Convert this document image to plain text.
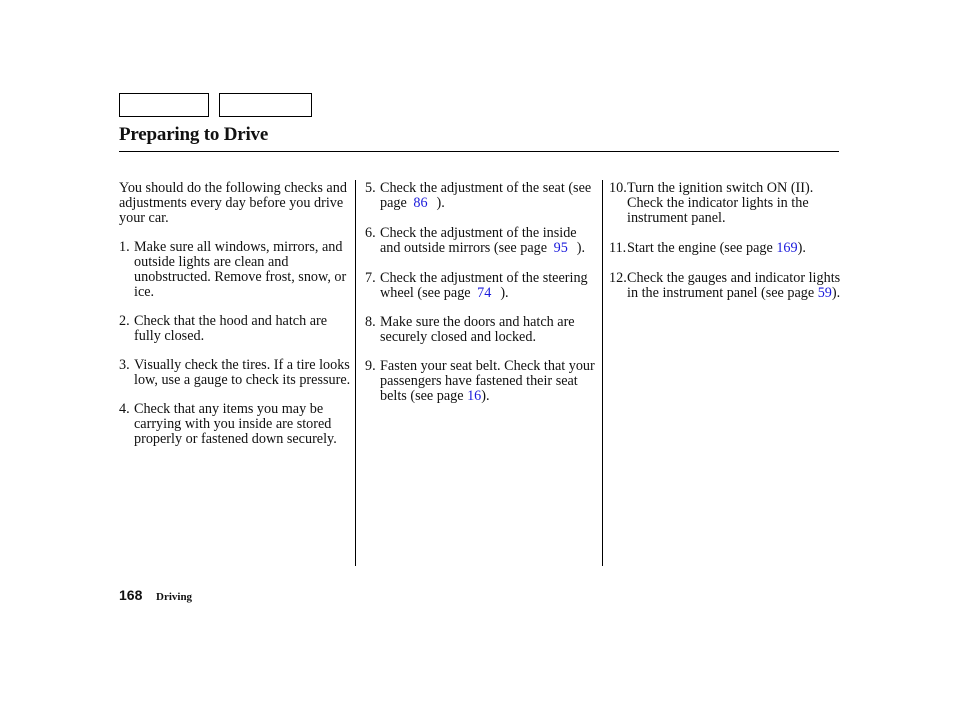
Preparing to Drive

You should do the following checks and adjustments every day before you drive your car.

1. Make sure all windows, mirrors, and outside lights are clean and unobstructed. Remove frost, snow, or ice.
2. Check that the hood and hatch are fully closed.
3. Visually check the tires. If a tire looks low, use a gauge to check its pressure.
4. Check that any items you may be carrying with you inside are stored properly or fastened down securely.
5. Check the adjustment of the seat (see page 86 ).
6. Check the adjustment of the inside and outside mirrors (see page 95 ).
7. Check the adjustment of the steering wheel (see page 74 ).
8. Make sure the doors and hatch are securely closed and locked.
9. Fasten your seat belt. Check that your passengers have fastened their seat belts (see page 16).
10. Turn the ignition switch ON (II). Check the indicator lights in the instrument panel.
11. Start the engine (see page 169).
12. Check the gauges and indicator lights in the instrument panel (see page 59).
168 Driving
